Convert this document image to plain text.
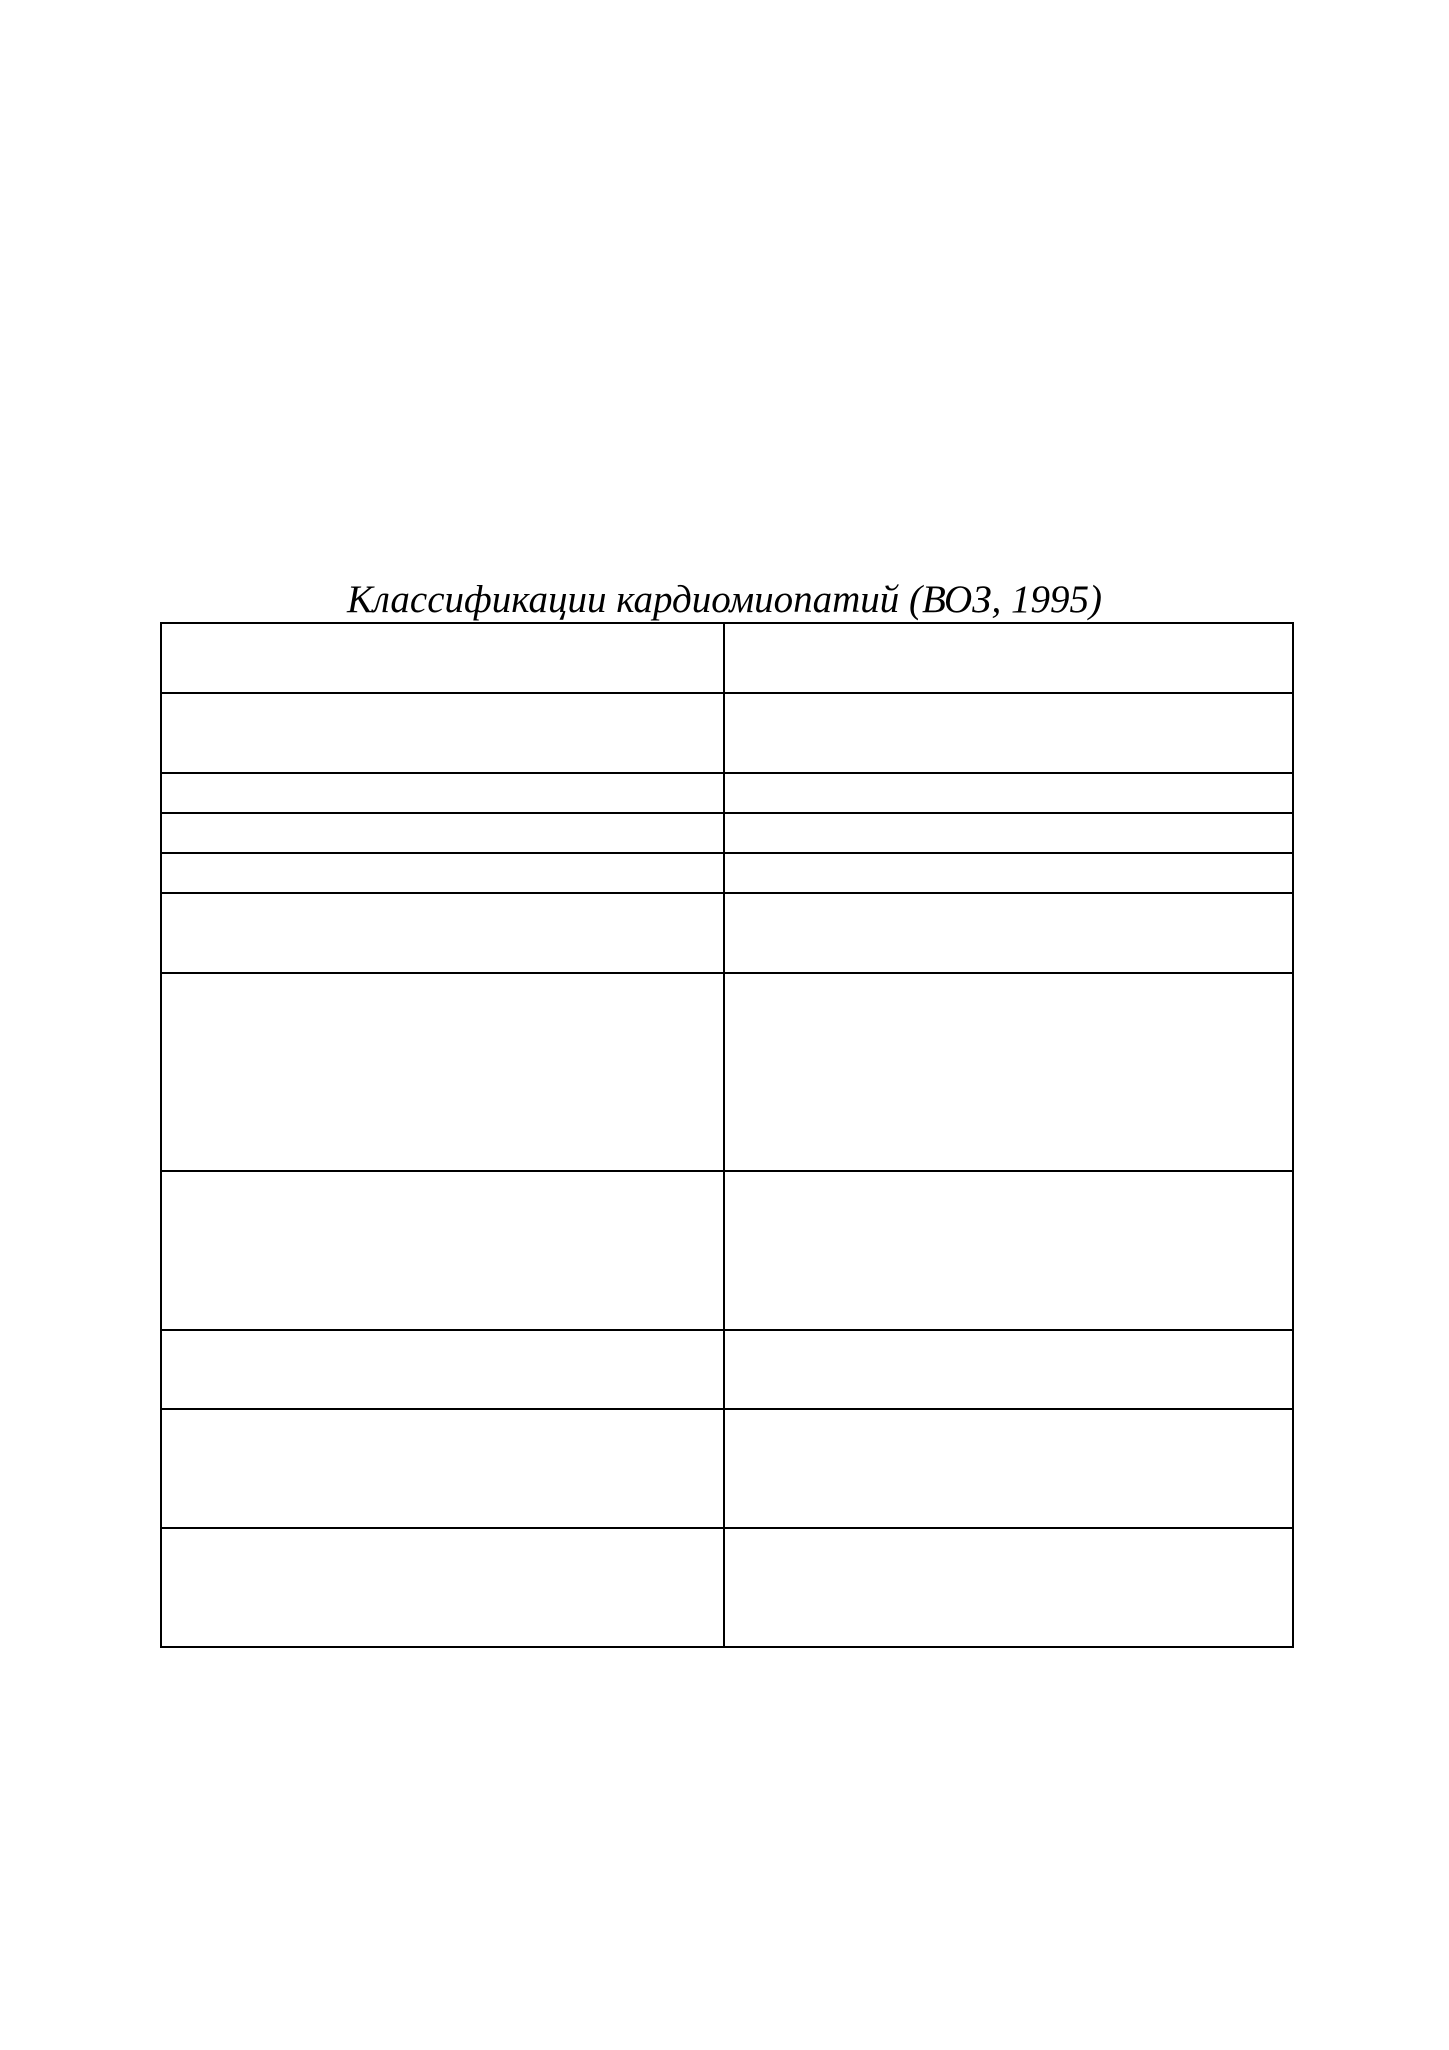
Классификации кардиомиопатий (ВОЗ, 1995)
